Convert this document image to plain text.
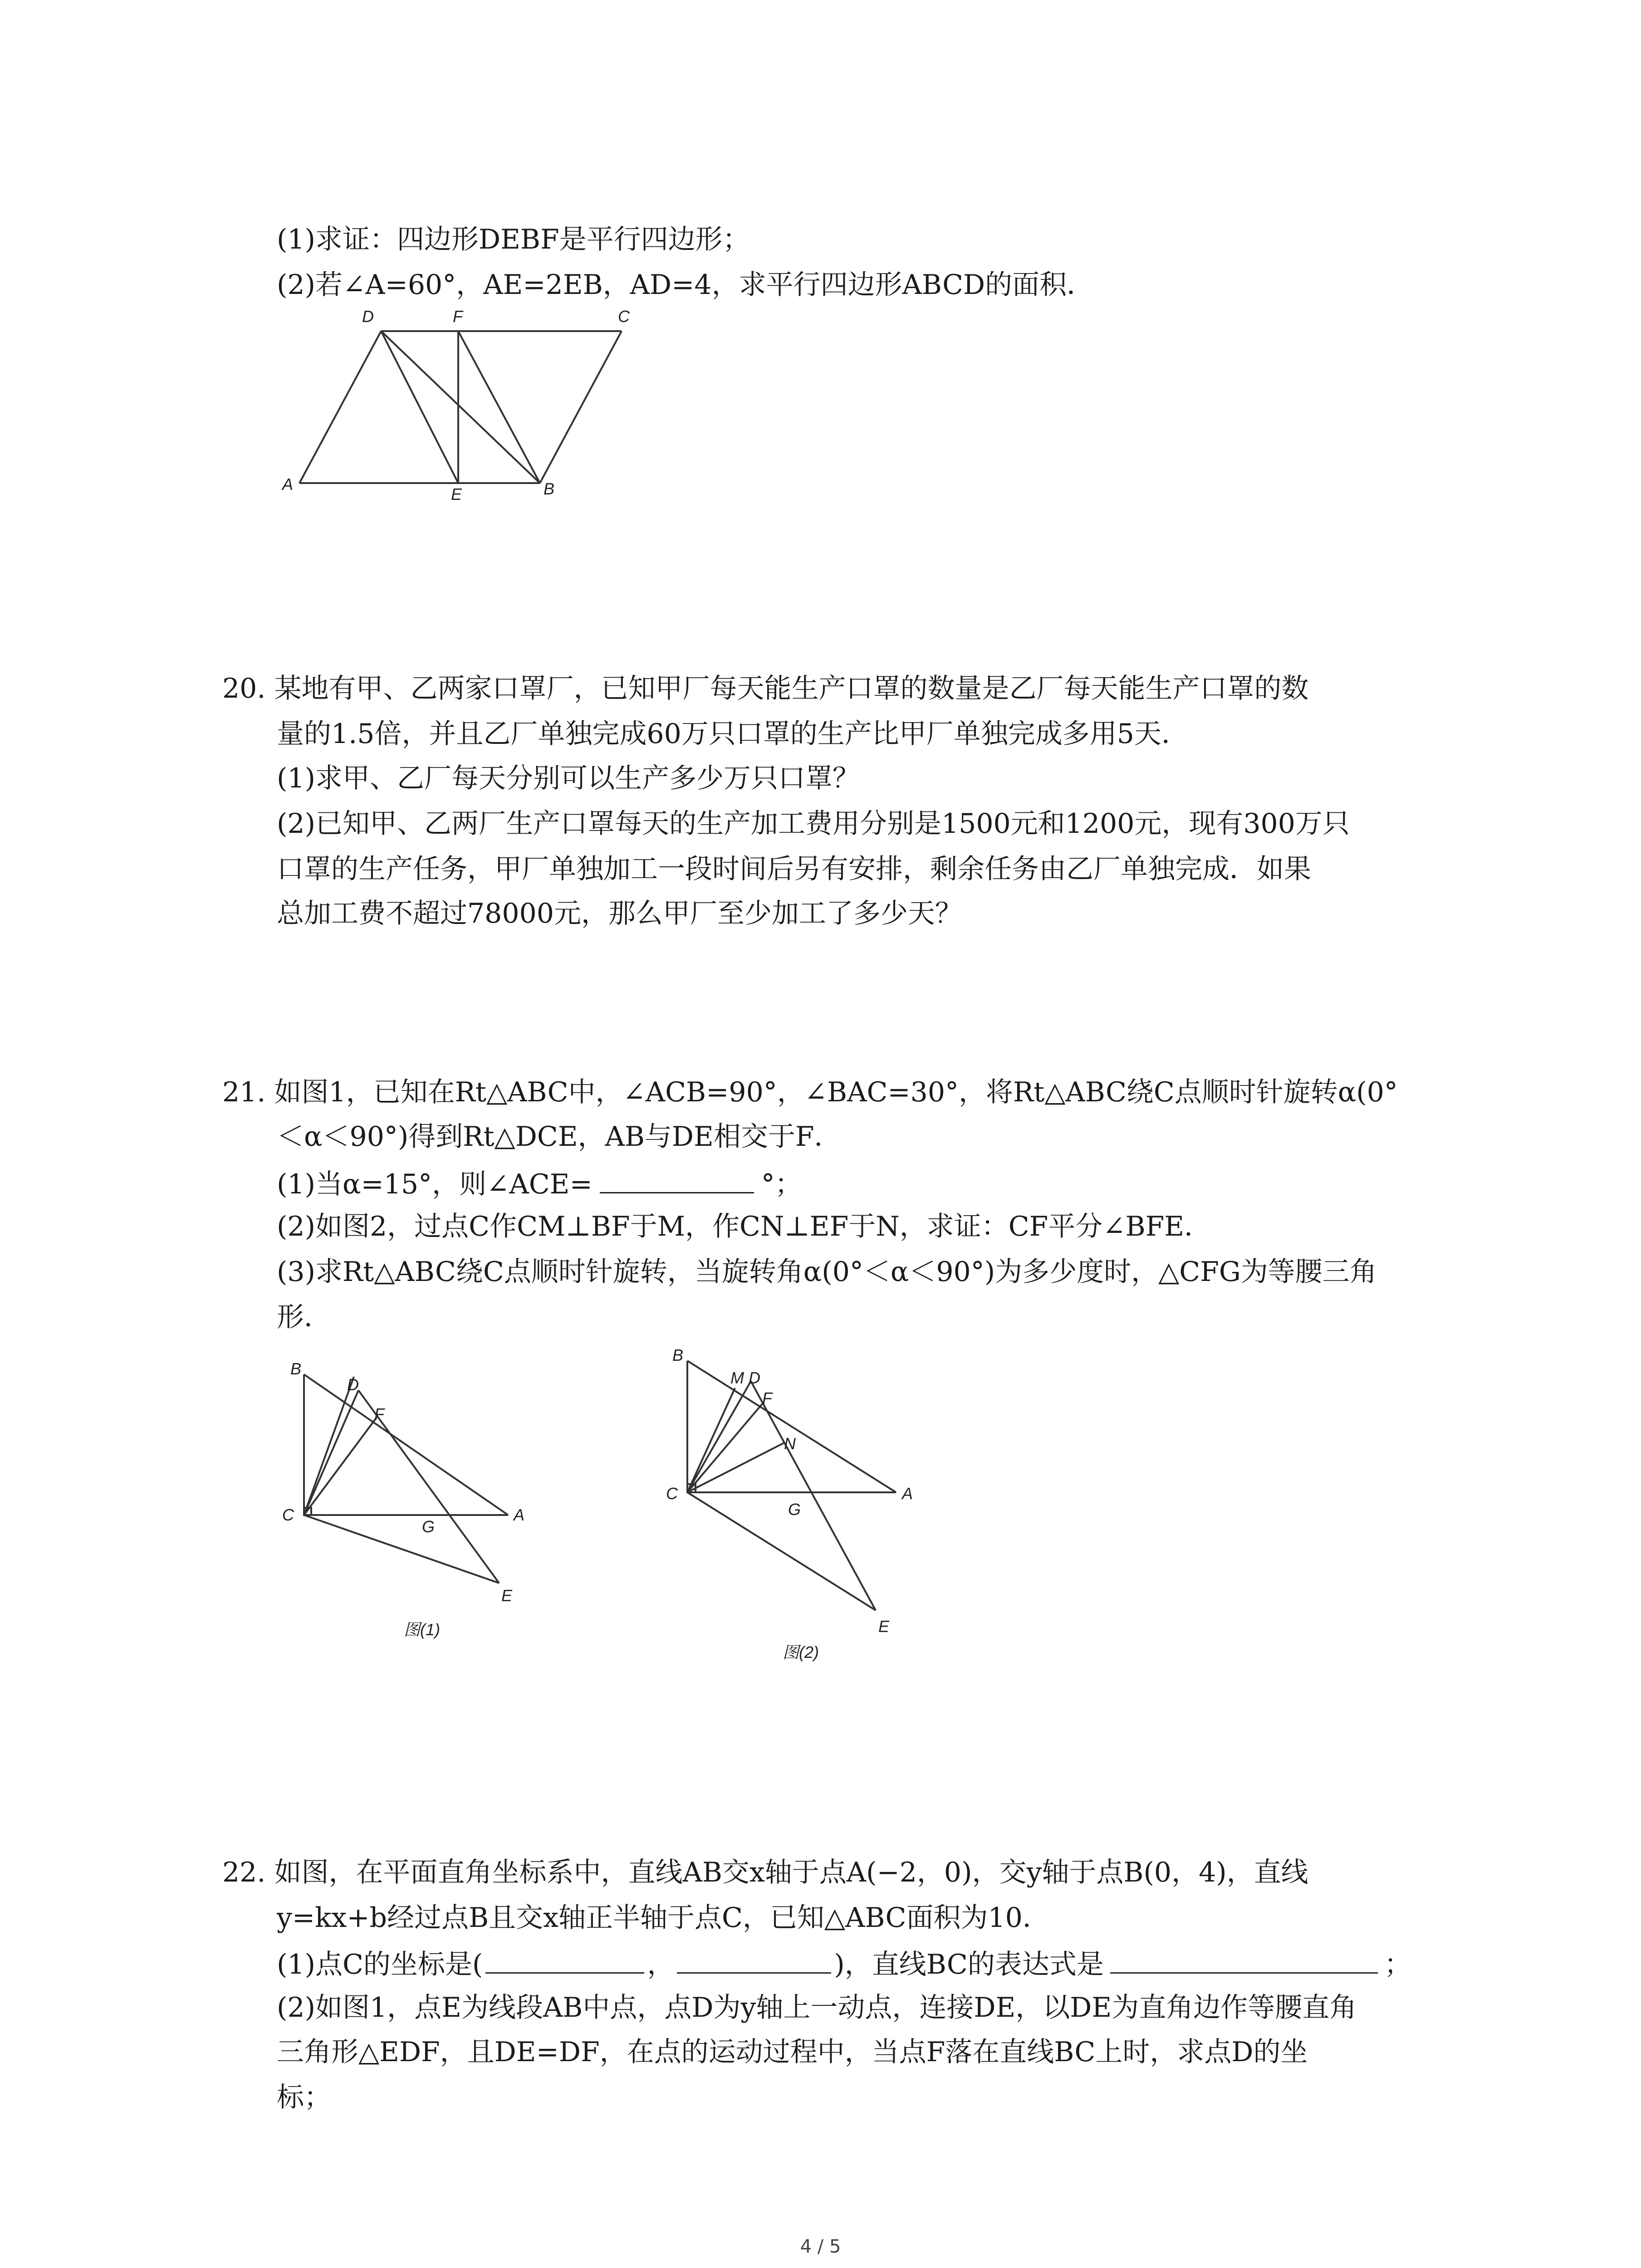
(1)求证：四边形DEBF是平行四边形；
(2)若∠A=60°，AE=2EB，AD=4，求平行四边形ABCD的面积．
D	F	C
A
E	B
20. 某地有甲、乙两家口罩厂，已知甲厂每天能生产口罩的数量是乙厂每天能生产口罩的数
量的1.5倍，并且乙厂单独完成60万只口罩的生产比甲厂单独完成多用5天．
(1)求甲、乙厂每天分别可以生产多少万只口罩？
(2)已知甲、乙两厂生产口罩每天的生产加工费用分别是1500元和1200元，现有300万只
口罩的生产任务，甲厂单独加工一段时间后另有安排，剩余任务由乙厂单独完成．如果
总加工费不超过78000元，那么甲厂至少加工了多少天？
21. 如图1，已知在Rt△ABC中，∠ACB=90°，∠BAC=30°，将Rt△ABC绕C点顺时针旋转α(0°
＜α＜90°)得到Rt△DCE，AB与DE相交于F．
(1)当α=15°，则∠ACE=	°；
(2)如图2，过点C作CM⊥BF于M，作CN⊥EF于N，求证：CF平分∠BFE．
(3)求Rt△ABC绕C点顺时针旋转，当旋转角α(0°＜α＜90°)为多少度时，△CFG为等腰三角
形．
B
D
F
C
G
A
E
图(1)
B
M D
F
N
C
G
A
E
图(2)
22. 如图，在平面直角坐标系中，直线AB交x轴于点A(−2，0)，交y轴于点B(0，4)，直线
y=kx+b经过点B且交x轴正半轴于点C，已知△ABC面积为10．
(1)点C的坐标是(	，	)，直线BC的表达式是	；
(2)如图1，点E为线段AB中点，点D为y轴上一动点，连接DE，以DE为直角边作等腰直角
三角形△EDF，且DE=DF，在点的运动过程中，当点F落在直线BC上时，求点D的坐
标；
4 / 5
